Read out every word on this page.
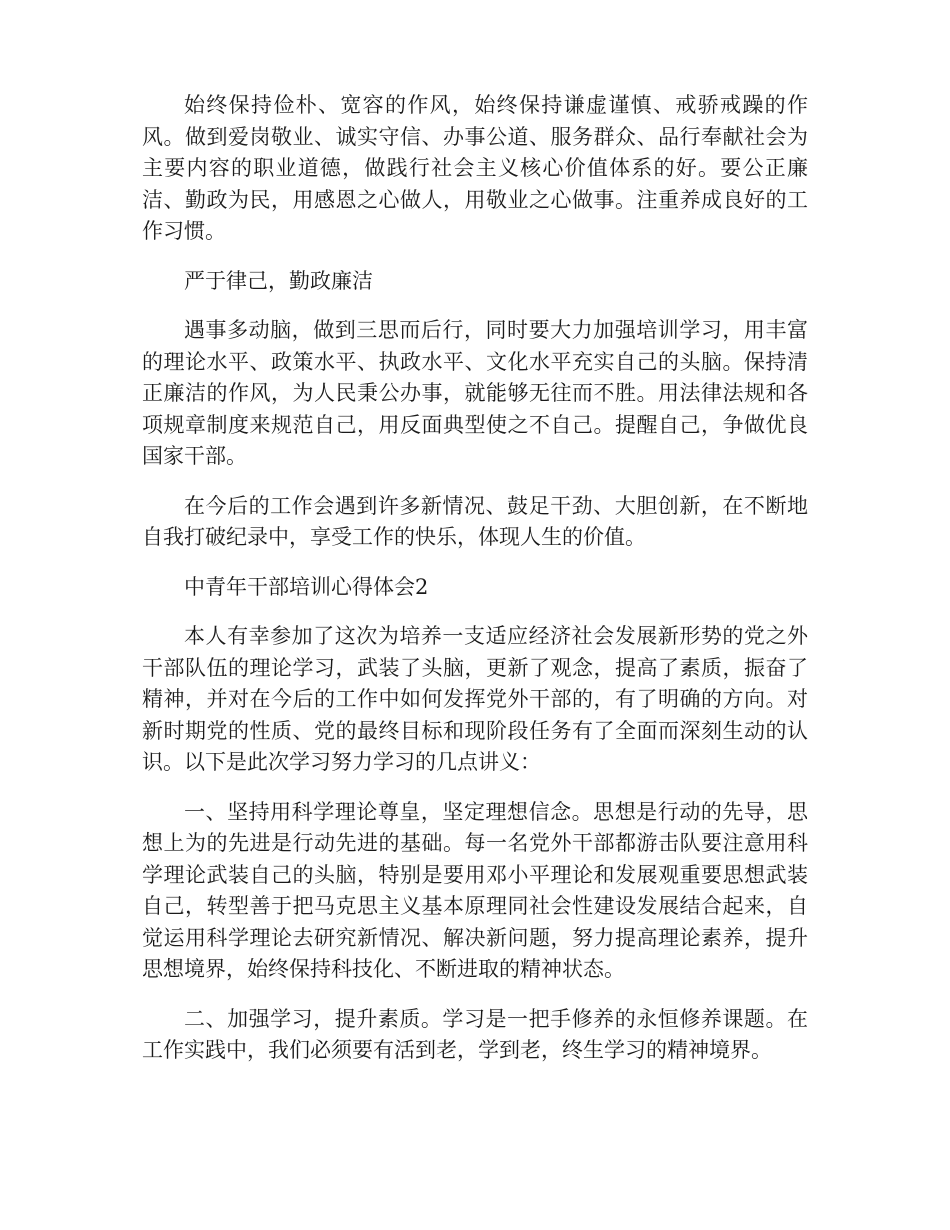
始终保持俭朴、宽容的作风，始终保持谦虚谨慎、戒骄戒躁的作风。做到爱岗敬业、诚实守信、办事公道、服务群众、品行奉献社会为主要内容的职业道德，做践行社会主义核心价值体系的好。要公正廉洁、勤政为民，用感恩之心做人，用敬业之心做事。注重养成良好的工作习惯。

严于律己，勤政廉洁

遇事多动脑，做到三思而后行，同时要大力加强培训学习，用丰富的理论水平、政策水平、执政水平、文化水平充实自己的头脑。保持清正廉洁的作风，为人民秉公办事，就能够无往而不胜。用法律法规和各项规章制度来规范自己，用反面典型使之不自己。提醒自己，争做优良国家干部。

在今后的工作会遇到许多新情况、鼓足干劲、大胆创新，在不断地自我打破纪录中，享受工作的快乐，体现人生的价值。

中青年干部培训心得体会2

本人有幸参加了这次为培养一支适应经济社会发展新形势的党之外干部队伍的理论学习，武装了头脑，更新了观念，提高了素质，振奋了精神，并对在今后的工作中如何发挥党外干部的，有了明确的方向。对新时期党的性质、党的最终目标和现阶段任务有了全面而深刻生动的认识。以下是此次学习努力学习的几点讲义：

一、坚持用科学理论尊皇，坚定理想信念。思想是行动的先导，思想上为的先进是行动先进的基础。每一名党外干部都游击队要注意用科学理论武装自己的头脑，特别是要用邓小平理论和发展观重要思想武装自己，转型善于把马克思主义基本原理同社会性建设发展结合起来，自觉运用科学理论去研究新情况、解决新问题，努力提高理论素养，提升思想境界，始终保持科技化、不断进取的精神状态。

二、加强学习，提升素质。学习是一把手修养的永恒修养课题。在工作实践中，我们必须要有活到老，学到老，终生学习的精神境界。
